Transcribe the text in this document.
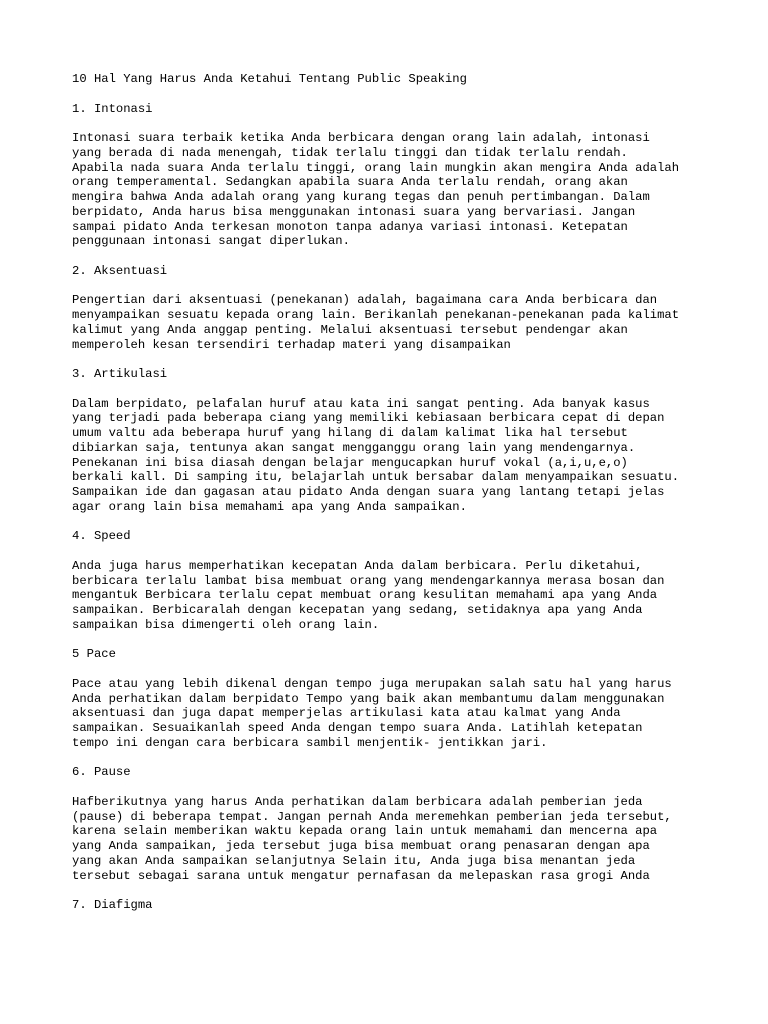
10 Hal Yang Harus Anda Ketahui Tentang Public Speaking
1. Intonasi
Intonasi suara terbaik ketika Anda berbicara dengan orang lain adalah, intonasi
yang berada di nada menengah, tidak terlalu tinggi dan tidak terlalu rendah.
Apabila nada suara Anda terlalu tinggi, orang lain mungkin akan mengira Anda adalah
orang temperamental. Sedangkan apabila suara Anda terlalu rendah, orang akan
mengira bahwa Anda adalah orang yang kurang tegas dan penuh pertimbangan. Dalam
berpidato, Anda harus bisa menggunakan intonasi suara yang bervariasi. Jangan
sampai pidato Anda terkesan monoton tanpa adanya variasi intonasi. Ketepatan
penggunaan intonasi sangat diperlukan.
2. Aksentuasi
Pengertian dari aksentuasi (penekanan) adalah, bagaimana cara Anda berbicara dan
menyampaikan sesuatu kepada orang lain. Berikanlah penekanan-penekanan pada kalimat
kalimut yang Anda anggap penting. Melalui aksentuasi tersebut pendengar akan
memperoleh kesan tersendiri terhadap materi yang disampaikan
3. Artikulasi
Dalam berpidato, pelafalan huruf atau kata ini sangat penting. Ada banyak kasus
yang terjadi pada beberapa ciang yang memiliki kebiasaan berbicara cepat di depan
umum valtu ada beberapa huruf yang hilang di dalam kalimat lika hal tersebut
dibiarkan saja, tentunya akan sangat mengganggu orang lain yang mendengarnya.
Penekanan ini bisa diasah dengan belajar mengucapkan huruf vokal (a,i,u,e,o)
berkali kall. Di samping itu, belajarlah untuk bersabar dalam menyampaikan sesuatu.
Sampaikan ide dan gagasan atau pidato Anda dengan suara yang lantang tetapi jelas
agar orang lain bisa memahami apa yang Anda sampaikan.
4. Speed
Anda juga harus memperhatikan kecepatan Anda dalam berbicara. Perlu diketahui,
berbicara terlalu lambat bisa membuat orang yang mendengarkannya merasa bosan dan
mengantuk Berbicara terlalu cepat membuat orang kesulitan memahami apa yang Anda
sampaikan. Berbicaralah dengan kecepatan yang sedang, setidaknya apa yang Anda
sampaikan bisa dimengerti oleh orang lain.
5 Pace
Pace atau yang lebih dikenal dengan tempo juga merupakan salah satu hal yang harus
Anda perhatikan dalam berpidato Tempo yang baik akan membantumu dalam menggunakan
aksentuasi dan juga dapat memperjelas artikulasi kata atau kalmat yang Anda
sampaikan. Sesuaikanlah speed Anda dengan tempo suara Anda. Latihlah ketepatan
tempo ini dengan cara berbicara sambil menjentik- jentikkan jari.
6. Pause
Hafberikutnya yang harus Anda perhatikan dalam berbicara adalah pemberian jeda
(pause) di beberapa tempat. Jangan pernah Anda meremehkan pemberian jeda tersebut,
karena selain memberikan waktu kepada orang lain untuk memahami dan mencerna apa
yang Anda sampaikan, jeda tersebut juga bisa membuat orang penasaran dengan apa
yang akan Anda sampaikan selanjutnya Selain itu, Anda juga bisa menantan jeda
tersebut sebagai sarana untuk mengatur pernafasan da melepaskan rasa grogi Anda
7. Diafigma
